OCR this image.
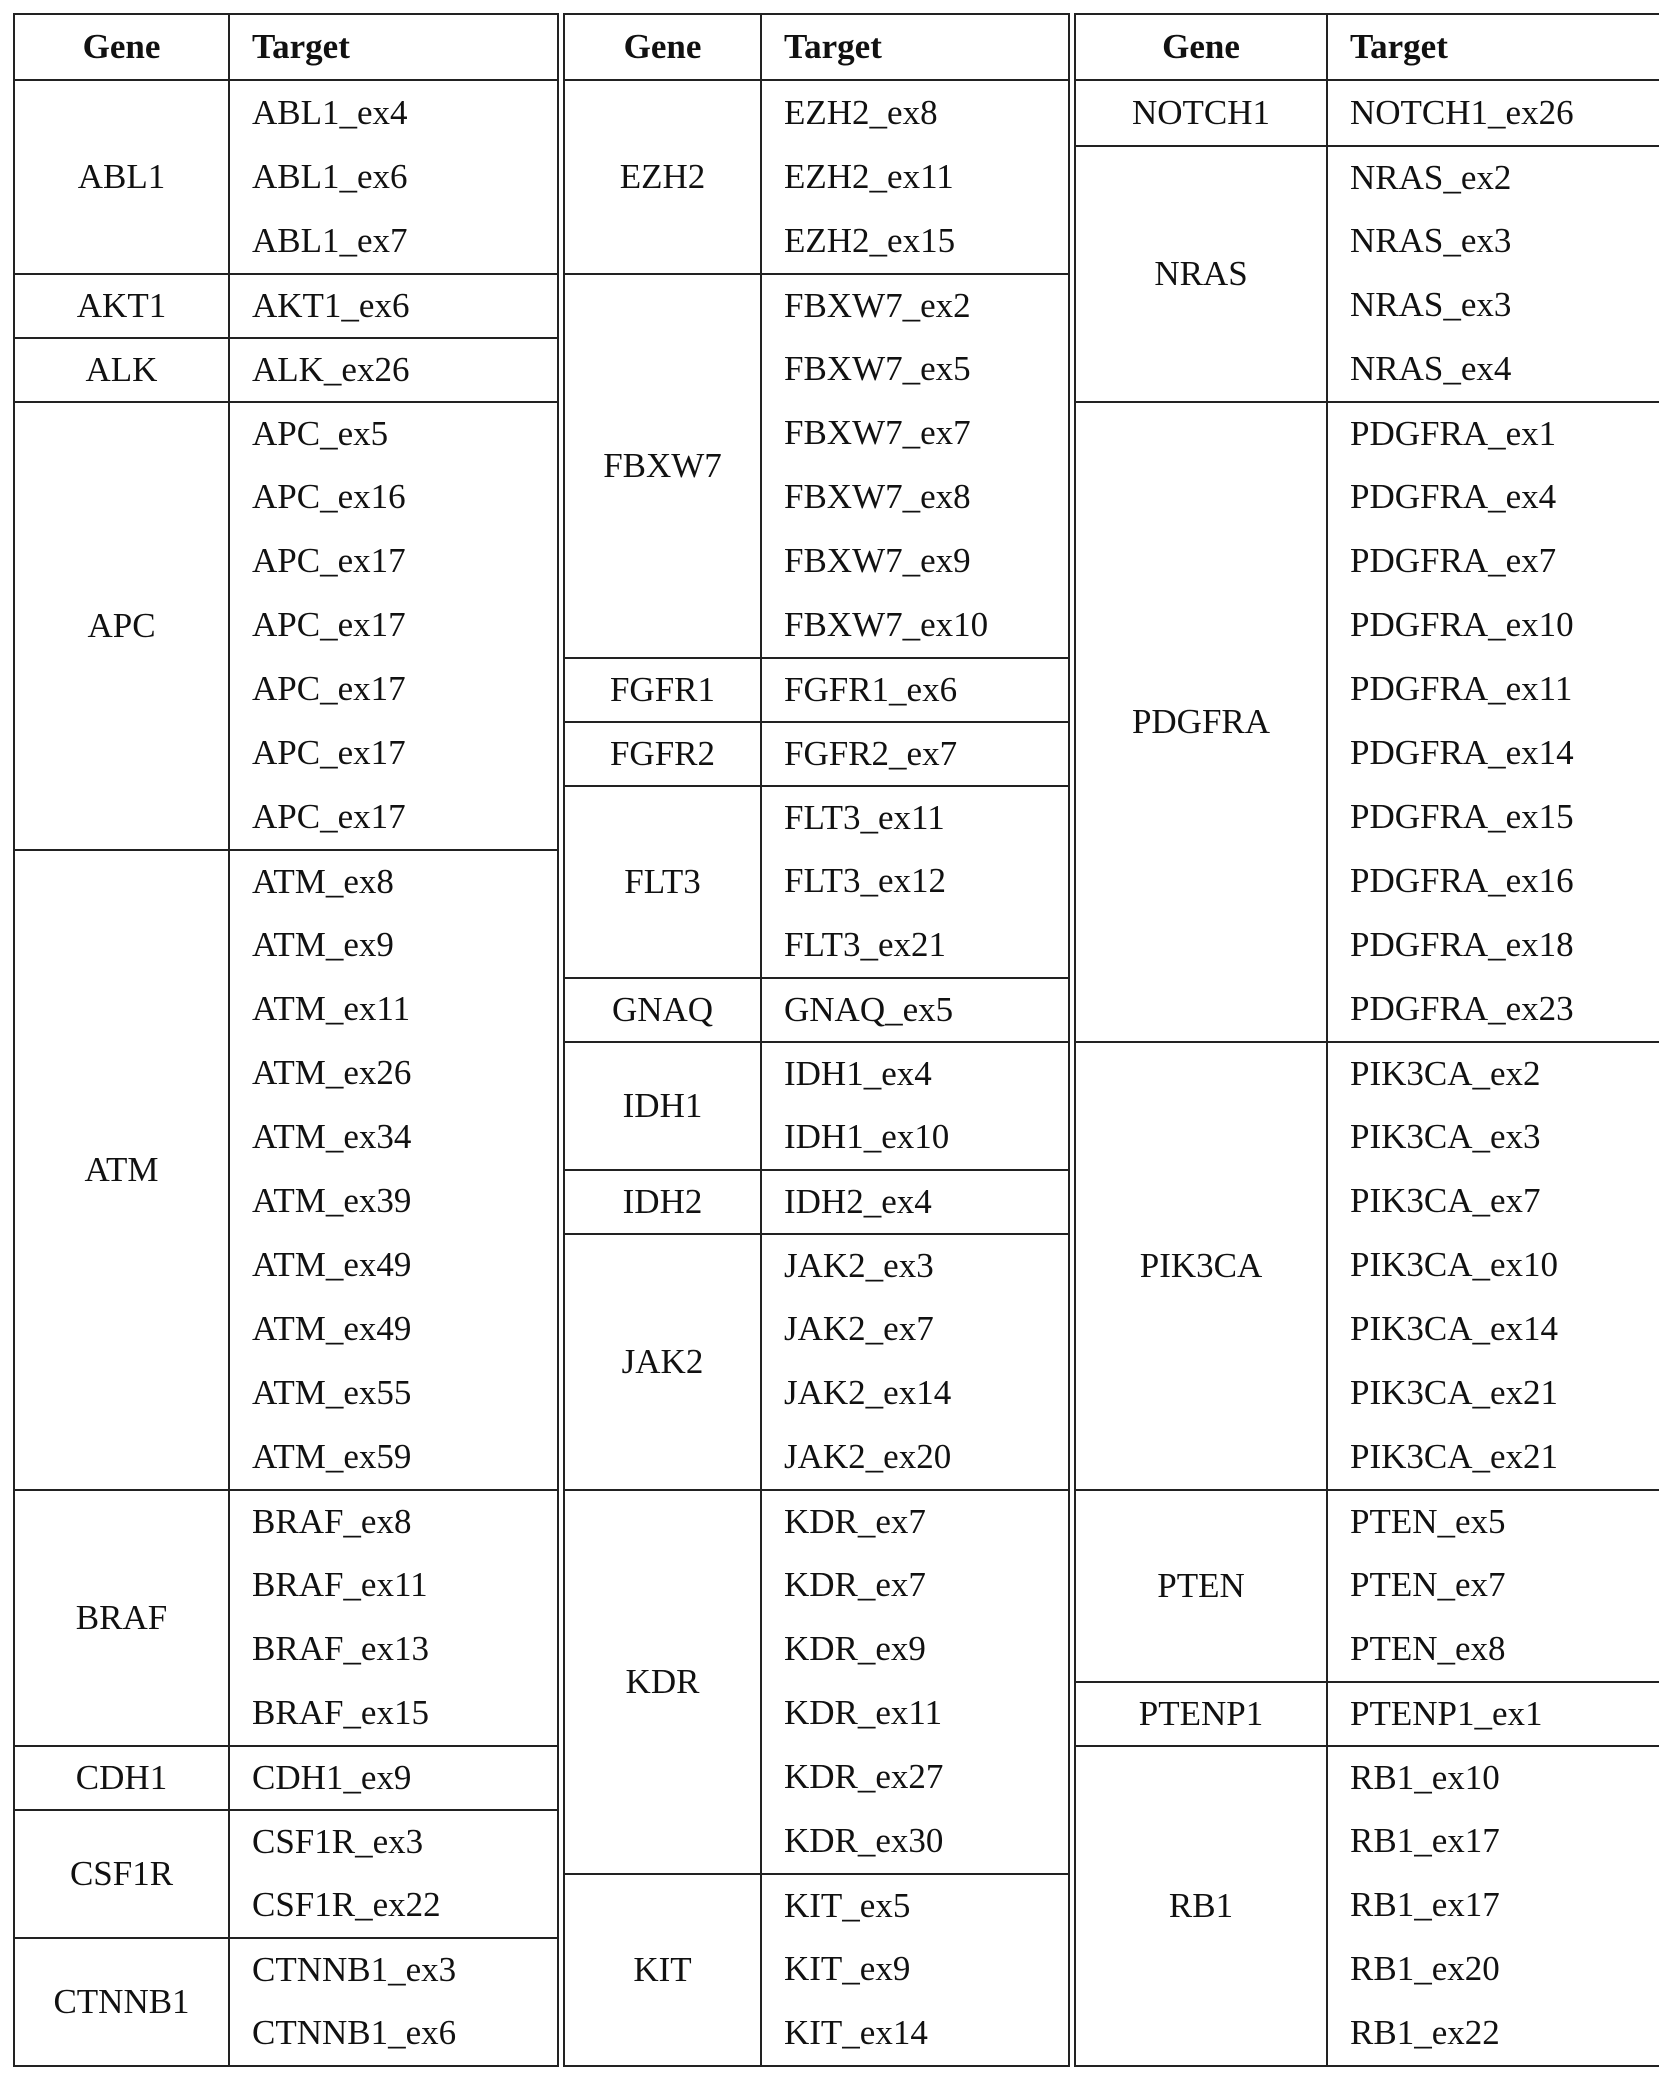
Gene	Target
ABL1
ABL1_ex4
ABL1_ex6
ABL1_ex7
AKT1	AKT1_ex6
ALK	ALK_ex26
APC
APC_ex5
APC_ex16
APC_ex17
APC_ex17
APC_ex17
APC_ex17
APC_ex17
ATM
ATM_ex8
ATM_ex9
ATM_ex11
ATM_ex26
ATM_ex34
ATM_ex39
ATM_ex49
ATM_ex49
ATM_ex55
ATM_ex59
BRAF
BRAF_ex8
BRAF_ex11
BRAF_ex13
BRAF_ex15
CDH1	CDH1_ex9
CSF1R
CSF1R_ex3
CSF1R_ex22
CTNNB1
CTNNB1_ex3
CTNNB1_ex6
Gene	Target
EZH2
EZH2_ex8
EZH2_ex11
EZH2_ex15
FBXW7
FBXW7_ex2
FBXW7_ex5
FBXW7_ex7
FBXW7_ex8
FBXW7_ex9
FBXW7_ex10
FGFR1	FGFR1_ex6
FGFR2	FGFR2_ex7
FLT3
FLT3_ex11
FLT3_ex12
FLT3_ex21
GNAQ	GNAQ_ex5
IDH1
IDH1_ex4
IDH1_ex10
IDH2	IDH2_ex4
JAK2
JAK2_ex3
JAK2_ex7
JAK2_ex14
JAK2_ex20
KDR
KDR_ex7
KDR_ex7
KDR_ex9
KDR_ex11
KDR_ex27
KDR_ex30
KIT
KIT_ex5
KIT_ex9
KIT_ex14
Gene	Target
NOTCH1	NOTCH1_ex26
NRAS
NRAS_ex2
NRAS_ex3
NRAS_ex3
NRAS_ex4
PDGFRA
PDGFRA_ex1
PDGFRA_ex4
PDGFRA_ex7
PDGFRA_ex10
PDGFRA_ex11
PDGFRA_ex14
PDGFRA_ex15
PDGFRA_ex16
PDGFRA_ex18
PDGFRA_ex23
PIK3CA
PIK3CA_ex2
PIK3CA_ex3
PIK3CA_ex7
PIK3CA_ex10
PIK3CA_ex14
PIK3CA_ex21
PIK3CA_ex21
PTEN
PTEN_ex5
PTEN_ex7
PTEN_ex8
PTENP1	PTENP1_ex1
RB1
RB1_ex10
RB1_ex17
RB1_ex17
RB1_ex20
RB1_ex22
